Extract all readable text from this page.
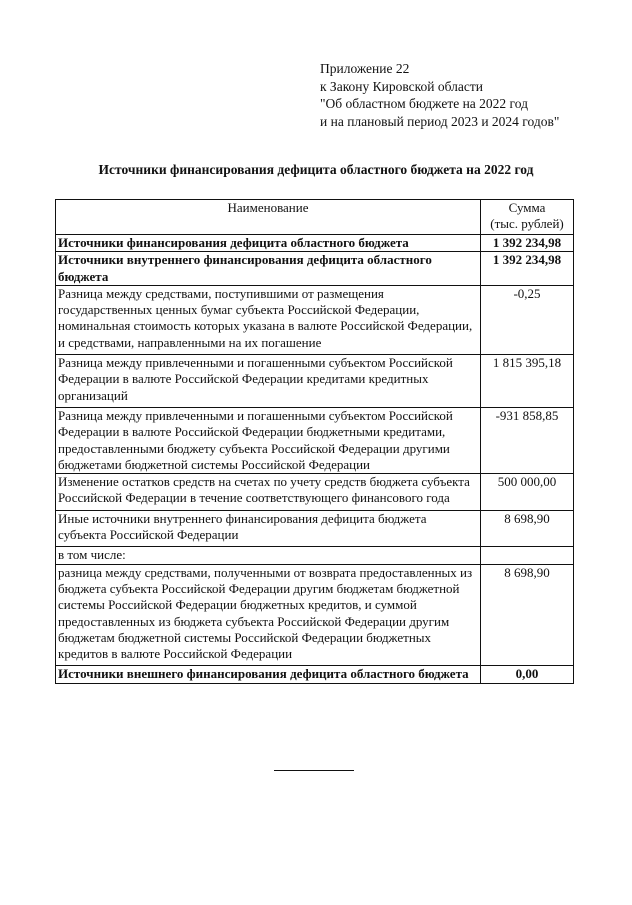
Приложение 22
к Закону Кировской области
"Об областном бюджете на 2022 год
и на плановый период 2023 и 2024 годов"
Источники финансирования дефицита областного бюджета на 2022 год
Наименование	Сумма
(тыс. рублей)

Источники финансирования дефицита областного бюджета	1 392 234,98
Источники внутреннего финансирования дефицита областного бюджета	1 392 234,98
Разница между средствами, поступившими от размещения государственных ценных бумаг субъекта Российской Федерации, номинальная стоимость которых указана в валюте Российской Федерации, и средствами, направленными на их погашение	-0,25
Разница между привлеченными и погашенными субъектом Российской Федерации в валюте Российской Федерации кредитами кредитных организаций	1 815 395,18
Разница между привлеченными и погашенными субъектом Российской Федерации в валюте Российской Федерации бюджетными кредитами, предоставленными бюджету субъекта Российской Федерации другими бюджетами бюджетной системы Российской Федерации	-931 858,85
Изменение остатков средств на счетах по учету средств бюджета субъекта Российской Федерации в течение соответствующего финансового года	500 000,00
Иные источники внутреннего финансирования дефицита бюджета субъекта Российской Федерации	8 698,90
в том числе:	
разница между средствами, полученными от возврата предоставленных из бюджета субъекта Российской Федерации другим бюджетам бюджетной системы Российской Федерации бюджетных кредитов, и суммой предоставленных из бюджета субъекта Российской Федерации другим бюджетам бюджетной системы Российской Федерации бюджетных кредитов в валюте Российской Федерации	8 698,90
Источники внешнего финансирования дефицита областного бюджета	0,00
